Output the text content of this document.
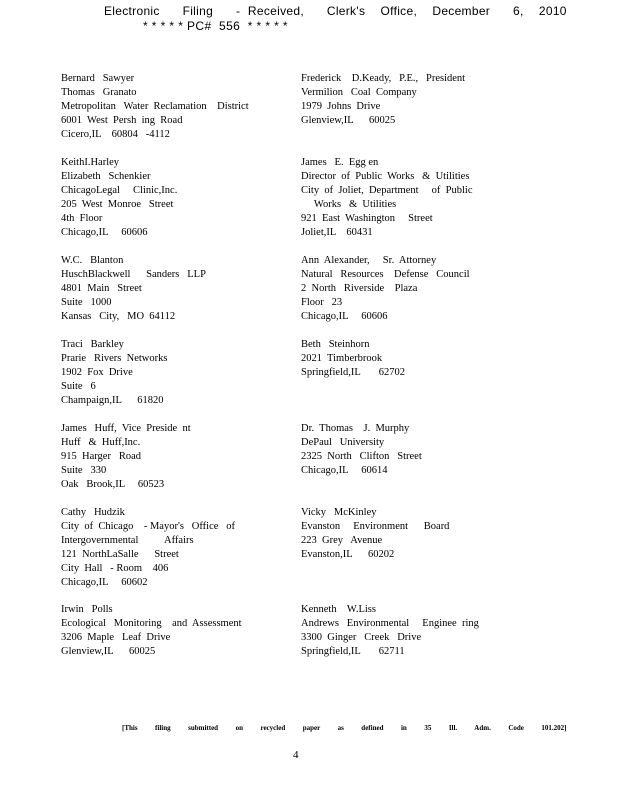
Electronic   Filing   - Received,   Clerk's  Office,  December   6,  2010
* * * * * PC#  556  * * * * *
Bernard   Sawyer
Thomas   Granato
Metropolitan   Water  Reclamation    District
6001  West  Persh  ing  Road
Cicero,IL    60804   -4112
KeithI.Harley
Elizabeth   Schenkier
ChicagoLegal     Clinic,Inc.
205  West  Monroe   Street
4th  Floor
Chicago,IL     60606
W.C.   Blanton
HuschBlackwell      Sanders   LLP
4801  Main   Street
Suite   1000
Kansas   City,   MO  64112
Traci   Barkley
Prarie   Rivers  Networks
1902  Fox  Drive
Suite   6
Champaign,IL      61820
James   Huff,  Vice  Preside  nt
Huff   &  Huff,Inc.
915  Harger   Road
Suite   330
Oak   Brook,IL     60523
Cathy   Hudzik
City  of  Chicago    - Mayor's   Office   of
Intergovernmental          Affairs
121  NorthLaSalle      Street
City  Hall   - Room    406
Chicago,IL     60602
Irwin   Polls
Ecological   Monitoring    and  Assessment
3206  Maple   Leaf  Drive
Glenview,IL      60025
Frederick    D.Keady,   P.E.,   President
Vermilion   Coal  Company
1979  Johns  Drive
Glenview,IL      60025
James   E.  Egg en
Director  of  Public  Works   &  Utilities
City  of  Joliet,  Department     of  Public
Works   &  Utilities
921  East  Washington     Street
Joliet,IL    60431
Ann  Alexander,     Sr.  Attorney
Natural   Resources    Defense   Council
2  North   Riverside    Plaza
Floor   23
Chicago,IL     60606
Beth   Steinhorn
2021  Timberbrook
Springfield,IL       62702
Dr.  Thomas    J.  Murphy
DePaul   University
2325  North   Clifton   Street
Chicago,IL     60614
Vicky   McKinley
Evanston     Environment      Board
223  Grey   Avenue
Evanston,IL      60202
Kenneth    W.Liss
Andrews   Environmental     Enginee  ring
3300  Ginger   Creek   Drive
Springfield,IL       62711
[This  filing  submitted  on  recycled  paper  as  defined  in  35  Ill.  Adm.  Code  101.202]
4
